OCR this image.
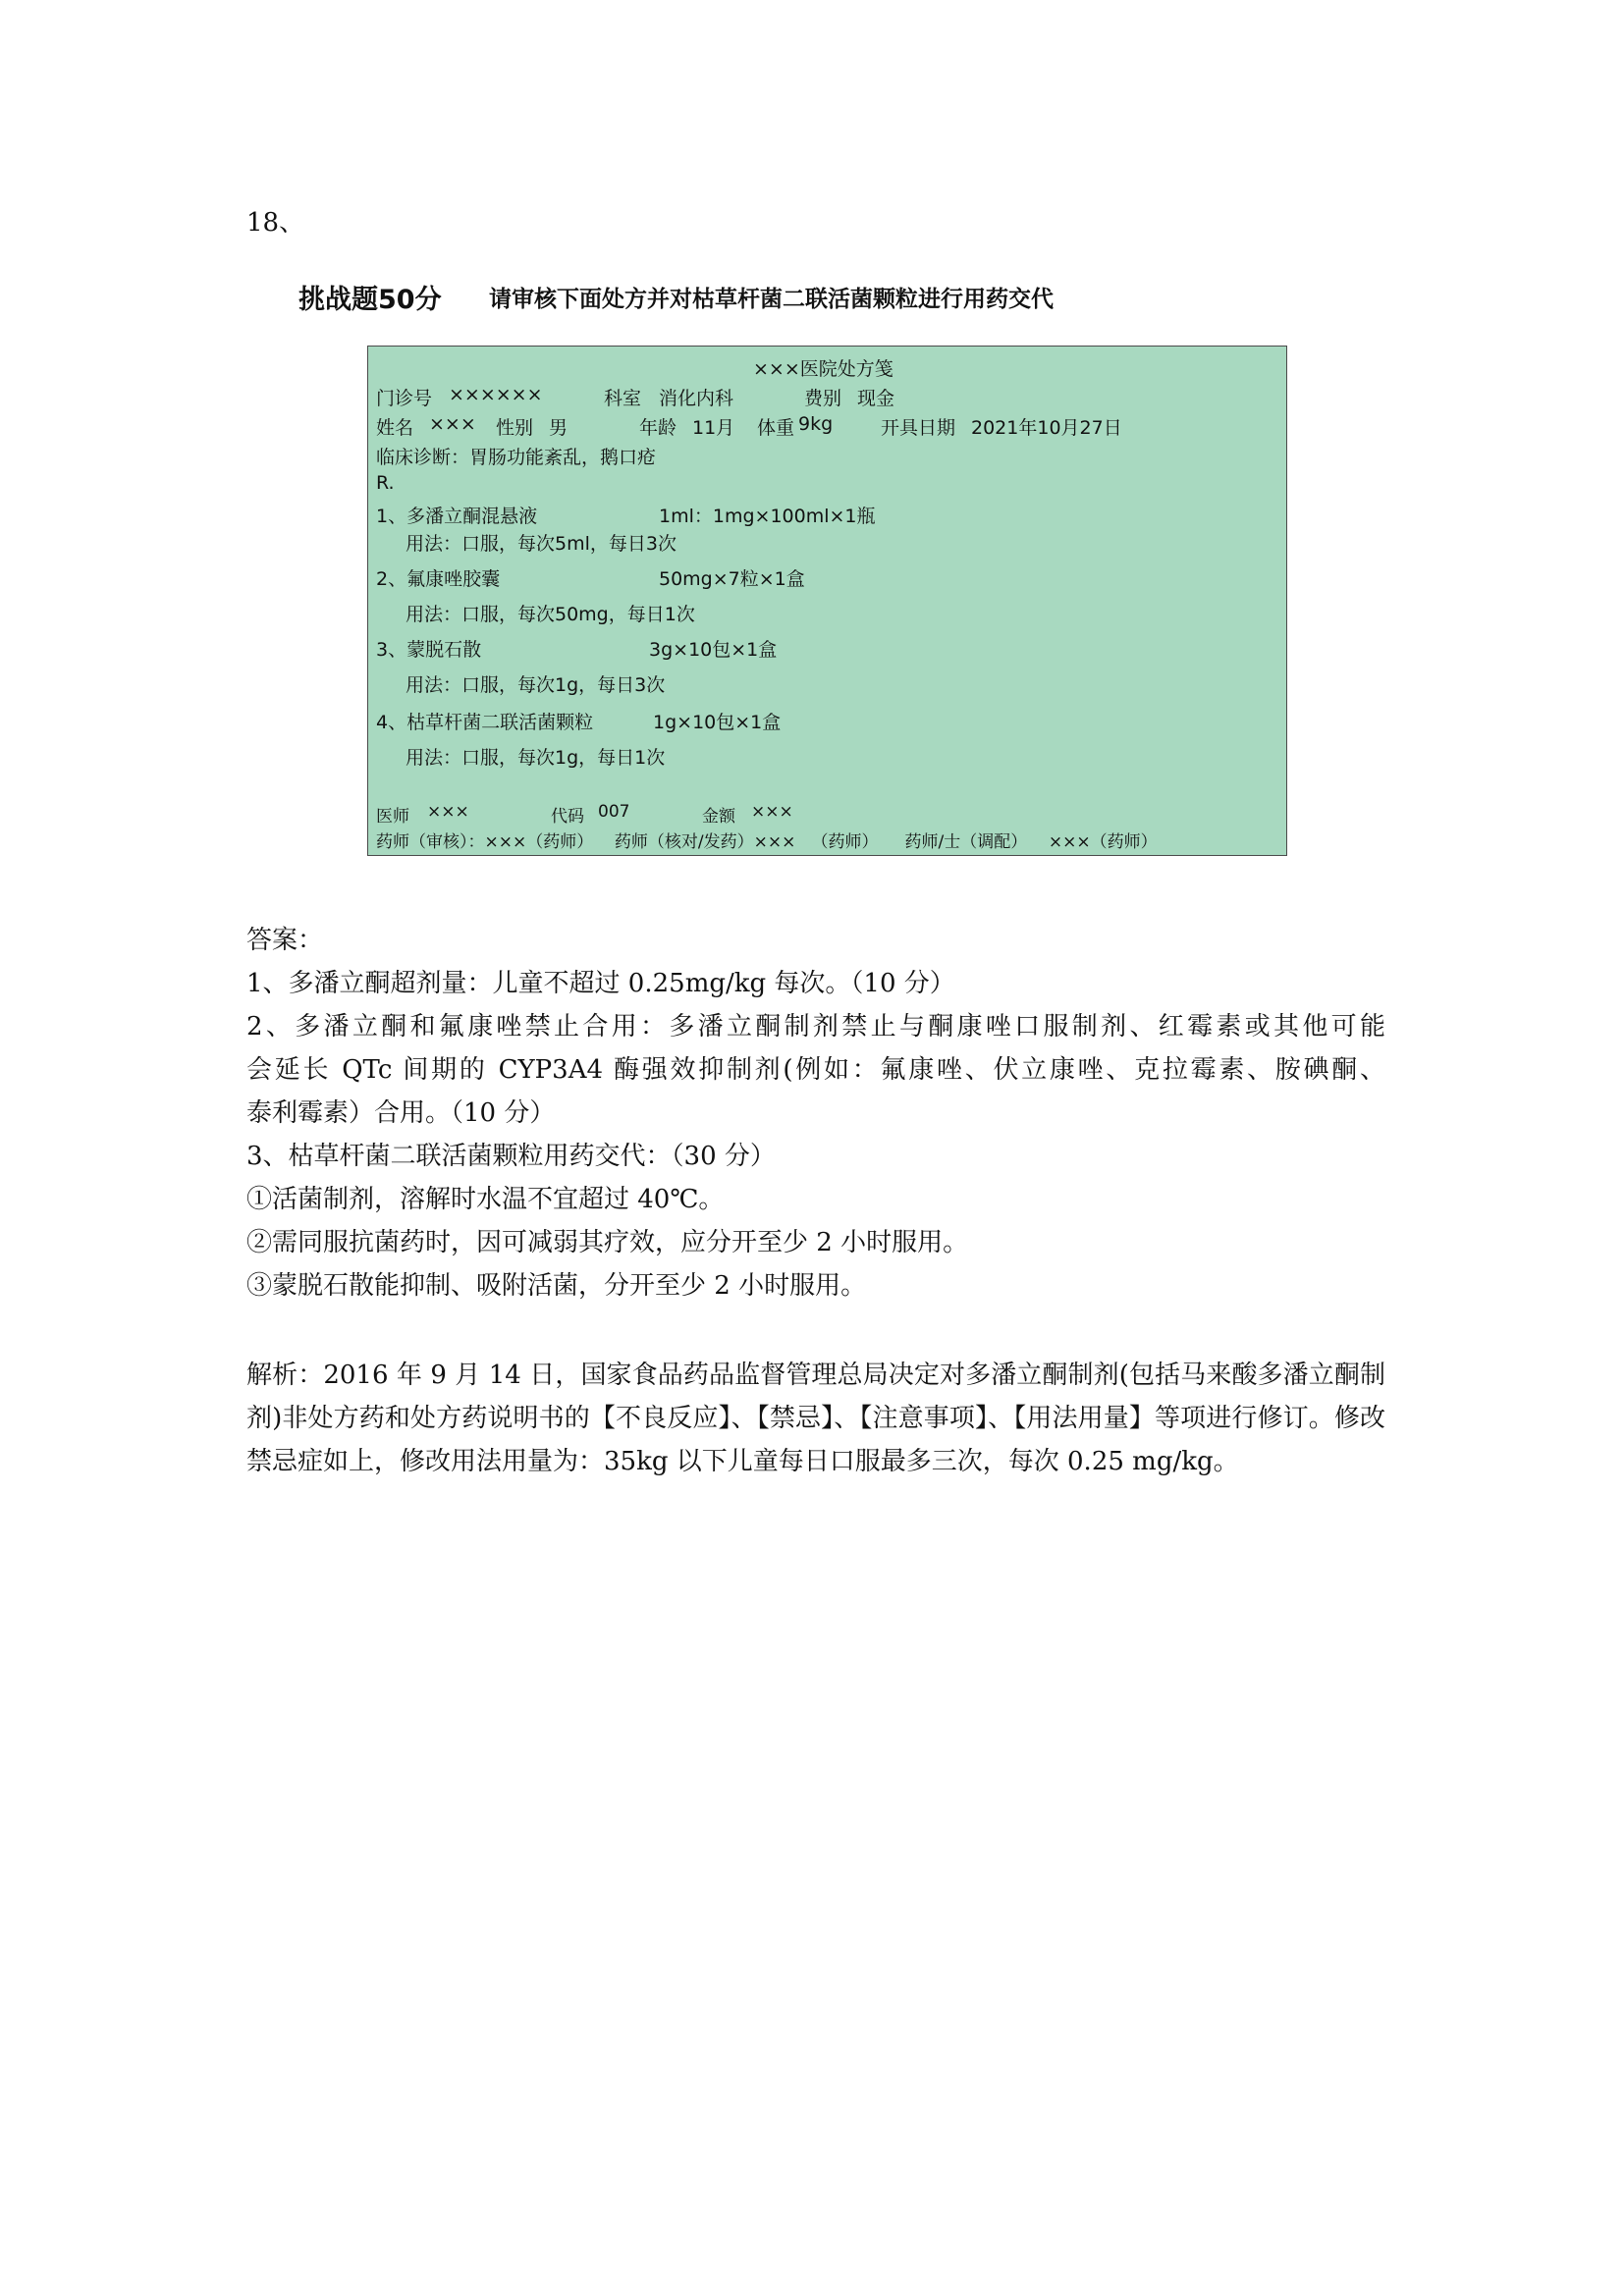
18、
挑战题50分 请审核下面处方并对枯草杆菌二联活菌颗粒进行用药交代
×××医院处方笺
门诊号 ××××××	科室 消化内科	费别 现金
姓名 ××× 性别 男	年龄 11月 体重 9kg	开具日期 2021年10月27日
临床诊断：胃肠功能紊乱，鹅口疮
R.
1、多潘立酮混悬液	1ml：1mg×100ml×1瓶
用法：口服，每次5ml，每日3次
2、氟康唑胶囊	50mg×7粒×1盒
用法：口服，每次50mg，每日1次
3、蒙脱石散	3g×10包×1盒
用法：口服，每次1g，每日3次
4、枯草杆菌二联活菌颗粒	1g×10包×1盒
用法：口服，每次1g，每日1次
医师 ×××	代码 007	金额 ×××
药师（审核）：×××（药师）    药师（核对/发药）×××   （药师）     药师/士（调配）    ×××（药师）

答案：

1、多潘立酮超剂量：儿童不超过 0.25mg/kg 每次。（10 分）

2、多潘立酮和氟康唑禁止合用：多潘立酮制剂禁止与酮康唑口服制剂、红霉素或其他可能

会延长 QTc 间期的 CYP3A4 酶强效抑制剂(例如：氟康唑、伏立康唑、克拉霉素、胺碘酮、

泰利霉素）合用。（10 分）

3、枯草杆菌二联活菌颗粒用药交代：（30 分）

①活菌制剂，溶解时水温不宜超过 40℃。

②需同服抗菌药时，因可减弱其疗效，应分开至少 2 小时服用。

③蒙脱石散能抑制、吸附活菌，分开至少 2 小时服用。

解析：2016 年 9 月 14 日，国家食品药品监督管理总局决定对多潘立酮制剂(包括马来酸多潘立酮制剂)非处方药和处方药说明书的【不良反应】、【禁忌】、【注意事项】、【用法用量】等项进行修订。修改禁忌症如上，修改用法用量为：35kg 以下儿童每日口服最多三次，每次 0.25 mg/kg。
